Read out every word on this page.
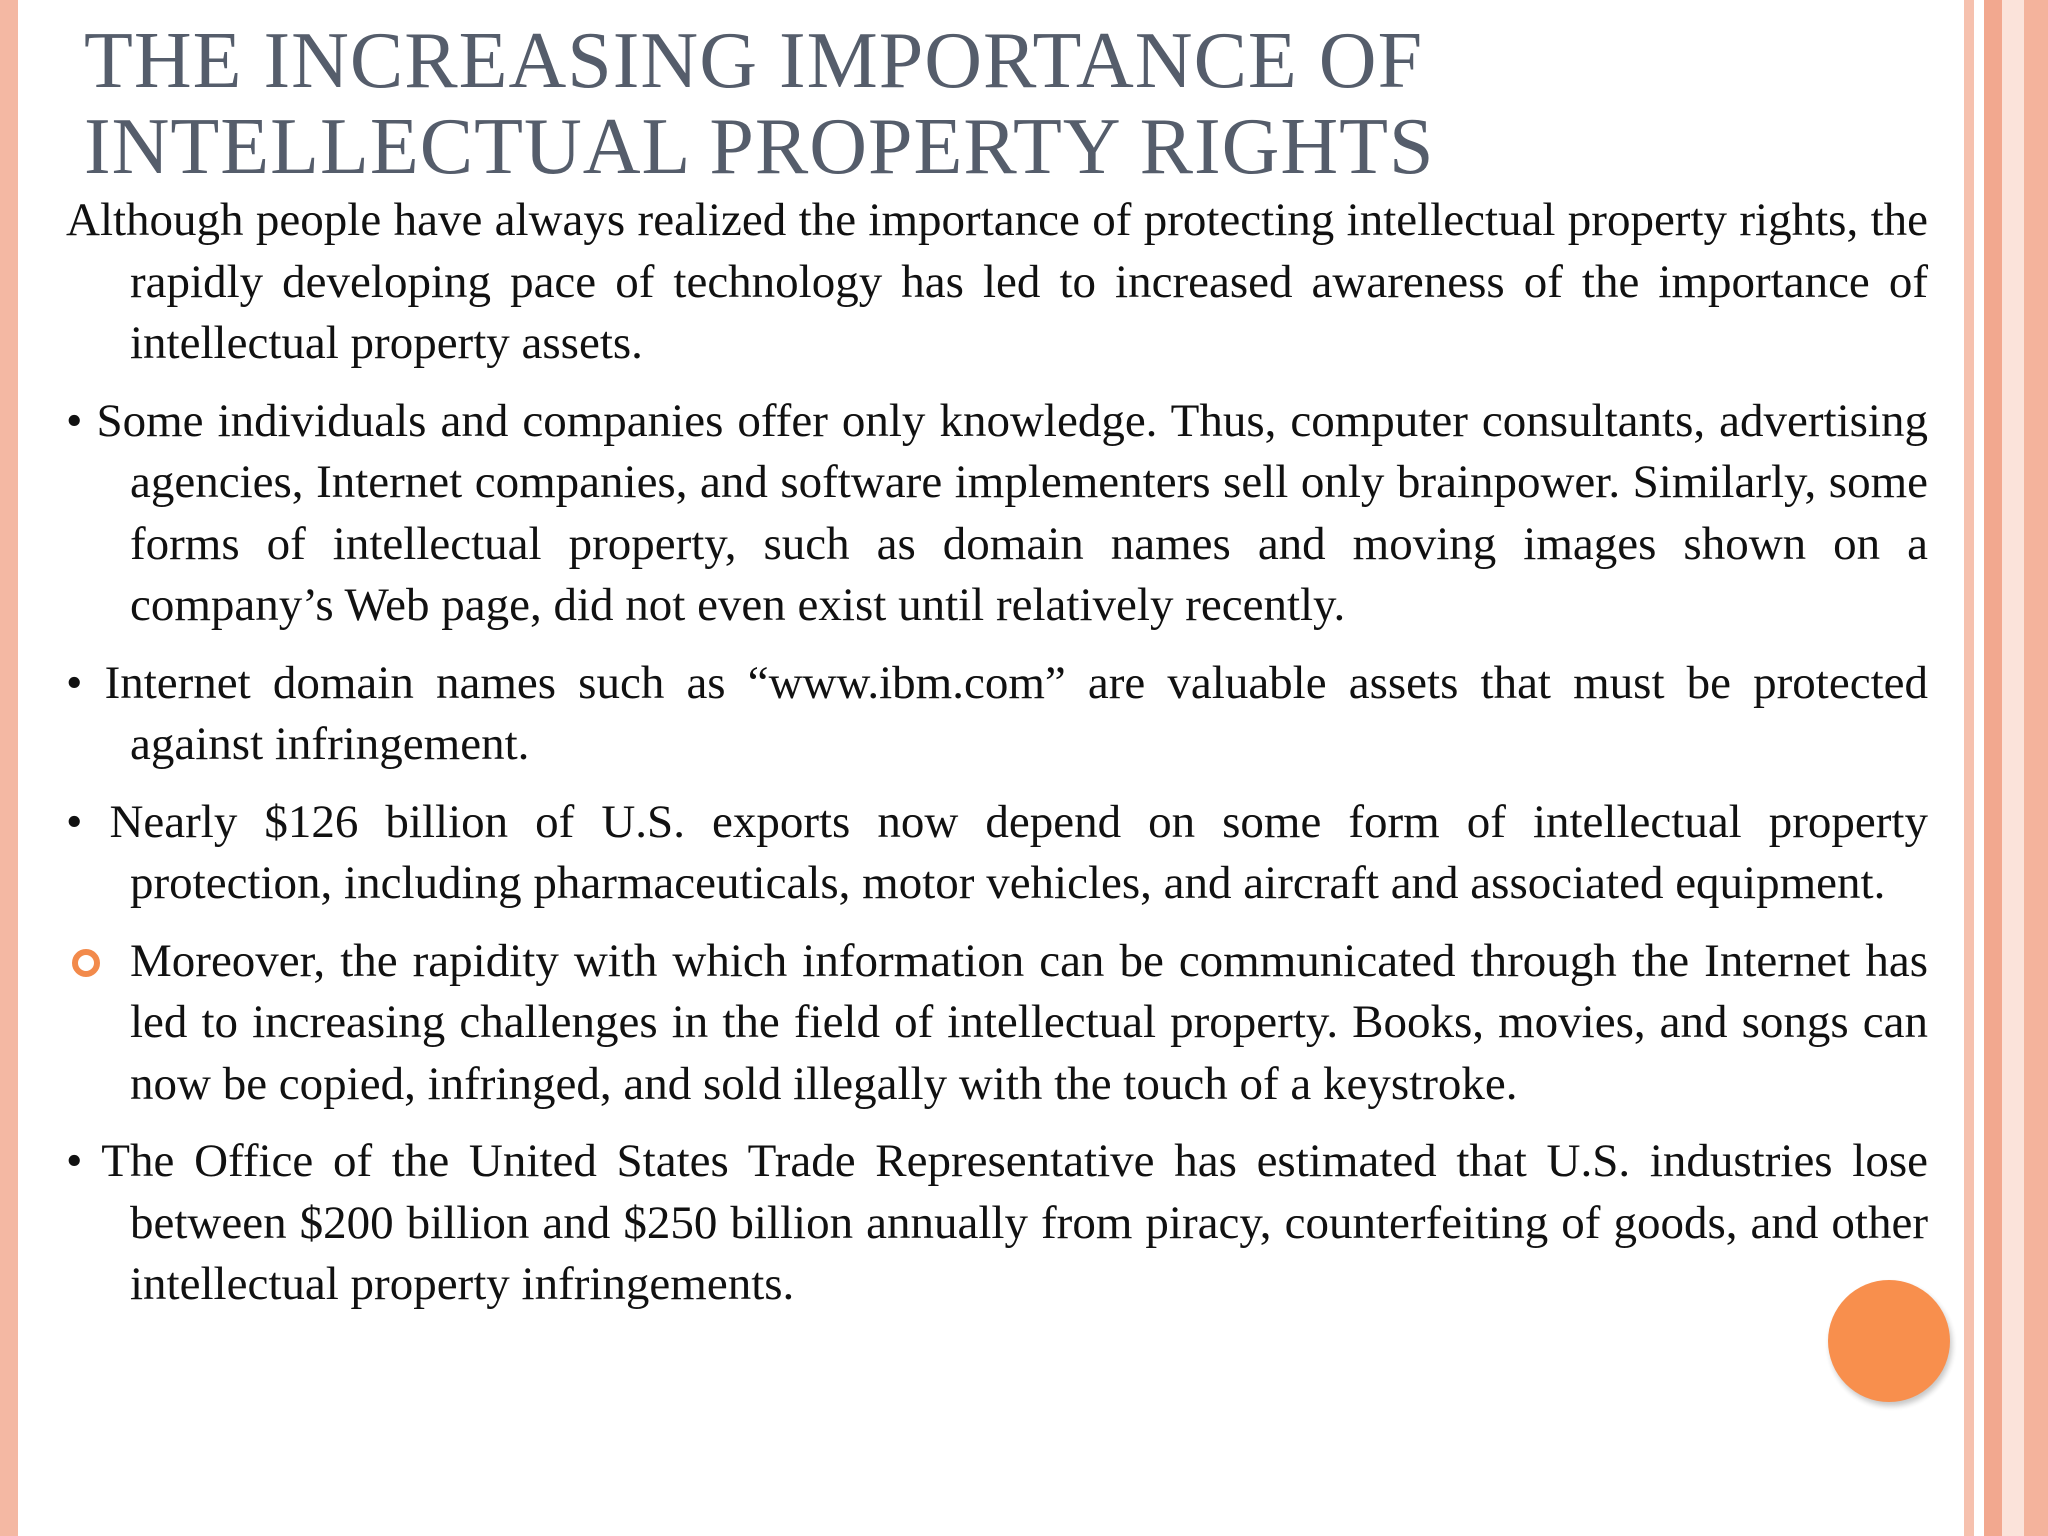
THE INCREASING IMPORTANCE OF
INTELLECTUAL PROPERTY RIGHTS

Although people have always realized the importance of protecting intellectual property rights, the rapidly developing pace of technology has led to increased awareness of the importance of intellectual property assets.

• Some individuals and companies offer only knowledge. Thus, computer consultants, advertising agencies, Internet companies, and software implementers sell only brainpower. Similarly, some forms of intellectual property, such as domain names and moving images shown on a company’s Web page, did not even exist until relatively recently.

• Internet domain names such as “www.ibm.com” are valuable assets that must be protected against infringement.

• Nearly $126 billion of U.S. exports now depend on some form of intellectual property protection, including pharmaceuticals, motor vehicles, and aircraft and associated equipment.

Moreover, the rapidity with which information can be communicated through the Internet has led to increasing challenges in the field of intellectual property. Books, movies, and songs can now be copied, infringed, and sold illegally with the touch of a keystroke.

• The Office of the United States Trade Representative has estimated that U.S. industries lose between $200 billion and $250 billion annually from piracy, counterfeiting of goods, and other intellectual property infringements.
